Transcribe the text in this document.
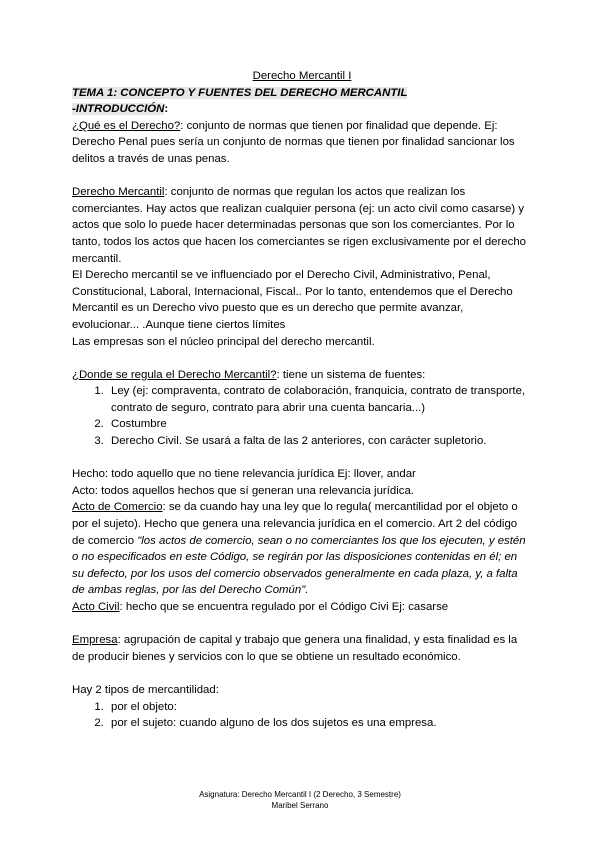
Derecho Mercantil I

TEMA 1: CONCEPTO Y FUENTES DEL DERECHO MERCANTIL

-INTRODUCCIÓN:

¿Qué es el Derecho?: conjunto de normas que tienen por finalidad que depende. Ej: Derecho Penal pues sería un conjunto de normas que tienen por finalidad sancionar los delitos a través de unas penas.

Derecho Mercantil: conjunto de normas que regulan los actos que realizan los comerciantes. Hay actos que realizan cualquier persona (ej: un acto civil como casarse) y actos que solo lo puede hacer determinadas personas que son los comerciantes. Por lo tanto, todos los actos que hacen los comerciantes se rigen exclusivamente por el derecho mercantil.

El Derecho mercantil se ve influenciado por el Derecho Civil, Administrativo, Penal, Constitucional, Laboral, Internacional, Fiscal.. Por lo tanto, entendemos que el Derecho Mercantil es un Derecho vivo puesto que es un derecho que permite avanzar, evolucionar... .Aunque tiene ciertos límites

Las empresas son el núcleo principal del derecho mercantil.

¿Donde se regula el Derecho Mercantil?: tiene un sistema de fuentes:

1. Ley (ej: compraventa, contrato de colaboración, franquicia, contrato de transporte, contrato de seguro, contrato para abrir una cuenta bancaria...)
2. Costumbre
3. Derecho Civil. Se usará a falta de las 2 anteriores, con carácter supletorio.

Hecho: todo aquello que no tiene relevancia jurídica Ej: llover, andar

Acto: todos aquellos hechos que sí generan una relevancia jurídica.

Acto de Comercio: se da cuando hay una ley que lo regula( mercantilidad por el objeto o por el sujeto). Hecho que genera una relevancia jurídica en el comercio. Art 2 del código de comercio "los actos de comercio, sean o no comerciantes los que los ejecuten, y estén o no especificados en este Código, se regirán por las disposiciones contenidas en él; en su defecto, por los usos del comercio observados generalmente en cada plaza, y, a falta de ambas reglas, por las del Derecho Común".

Acto Civil: hecho que se encuentra regulado por el Código Civi Ej: casarse

Empresa: agrupación de capital y trabajo que genera una finalidad, y esta finalidad es la de producir bienes y servicios con lo que se obtiene un resultado económico.

Hay 2 tipos de mercantilidad:

1. por el objeto:
2. por el sujeto: cuando alguno de los dos sujetos es una empresa.
Asignatura: Derecho Mercantil I (2 Derecho, 3 Semestre)
Maribel Serrano
